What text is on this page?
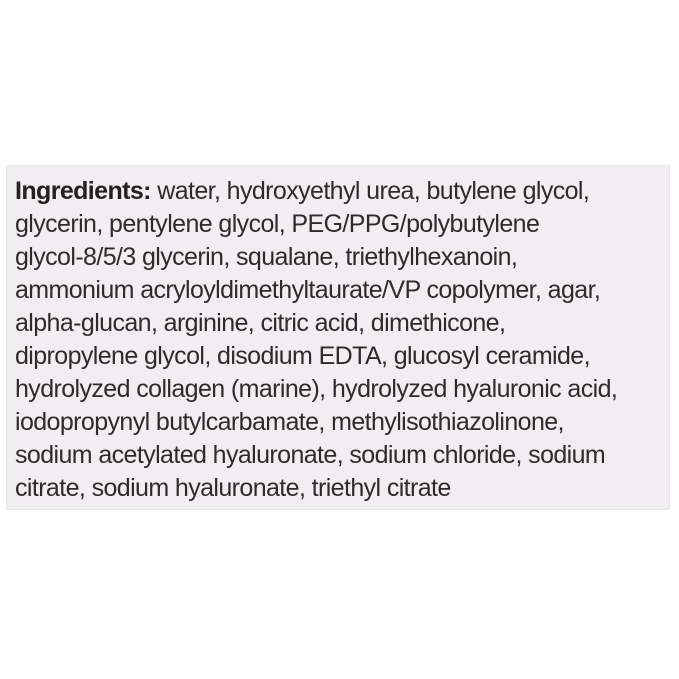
Ingredients: water, hydroxyethyl urea, butylene glycol,
glycerin, pentylene glycol, PEG/PPG/polybutylene
glycol-8/5/3 glycerin, squalane, triethylhexanoin,
ammonium acryloyldimethyltaurate/VP copolymer, agar,
alpha-glucan, arginine, citric acid, dimethicone,
dipropylene glycol, disodium EDTA, glucosyl ceramide,
hydrolyzed collagen (marine), hydrolyzed hyaluronic acid,
iodopropynyl butylcarbamate, methylisothiazolinone,
sodium acetylated hyaluronate, sodium chloride, sodium
citrate, sodium hyaluronate, triethyl citrate
